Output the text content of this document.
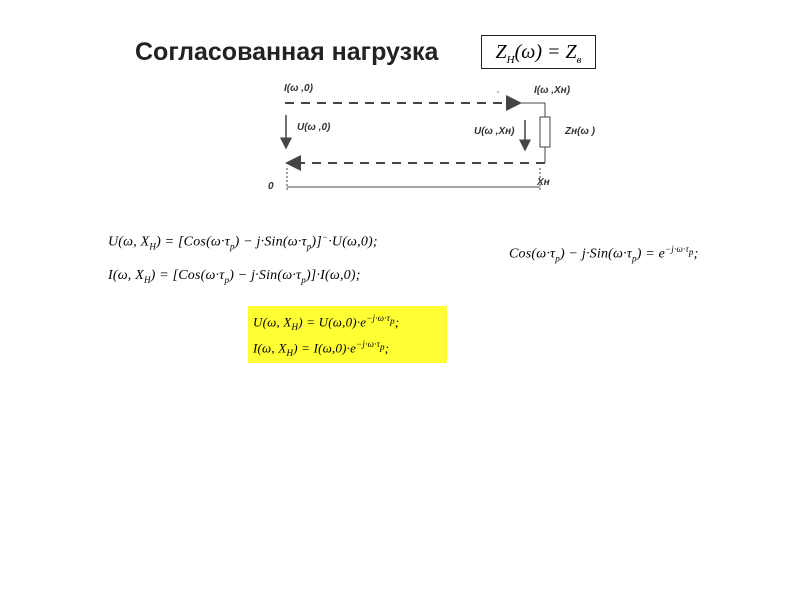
Согласованная нагрузка	$Z_Н(\omega) = Z_в$
I(ω ,0)	I(ω ,Xн)
U(ω ,0)	U(ω ,Xн)	Zн(ω )
0	Xн
U(ω, $X_Н) = [Cos(\omega\cdot\tau_p) - j\cdot Sin(\omega\cdot\tau_p)]^-\cdot U(\omega,0)$;
I(ω, $X_Н) = [Cos(\omega\cdot\tau_p) - j\cdot Sin(\omega\cdot\tau_p)]\cdot I(\omega,0)$;
$Cos(\omega\cdot\tau_p) - j\cdot Sin(\omega\cdot\tau_p) = e^{-j\cdot\omega\cdot\tau_p}$;
U(ω, $X_Н) = U(\omega,0)\cdot e^{-j\cdot\omega\cdot\tau_p}$;
I(ω, $X_Н) = I(\omega,0)\cdot e^{-j\cdot\omega\cdot\tau_p}$;
